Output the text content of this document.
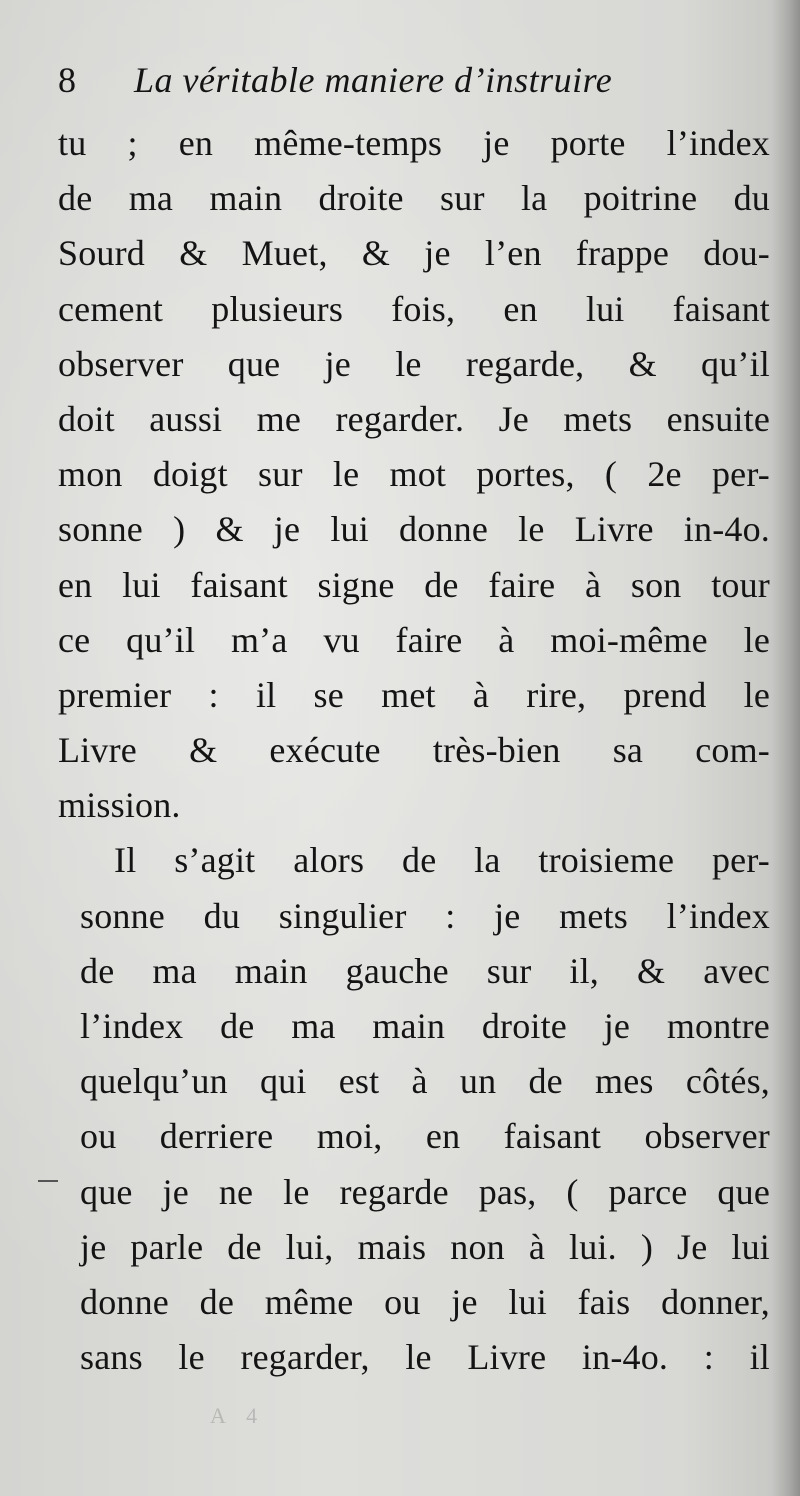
8 La véritable maniere d’instruire
tu ; en même-temps je porte l’index
de ma main droite sur la poitrine du
Sourd & Muet, & je l’en frappe dou-
cement plusieurs fois, en lui faisant
observer que je le regarde, & qu’il
doit aussi me regarder. Je mets ensuite
mon doigt sur le mot portes, ( 2e per-
sonne ) & je lui donne le Livre in-4o.
en lui faisant signe de faire à son tour
ce qu’il m’a vu faire à moi-même le
premier : il se met à rire, prend le
Livre & exécute très-bien sa com-
mission.
Il s’agit alors de la troisieme per-
sonne du singulier : je mets l’index
de ma main gauche sur il, & avec
l’index de ma main droite je montre
quelqu’un qui est à un de mes côtés,
ou derriere moi, en faisant observer
que je ne le regarde pas, ( parce que
je parle de lui, mais non à lui. ) Je lui
donne de même ou je lui fais donner,
sans le regarder, le Livre in-4o. : il
A 4
